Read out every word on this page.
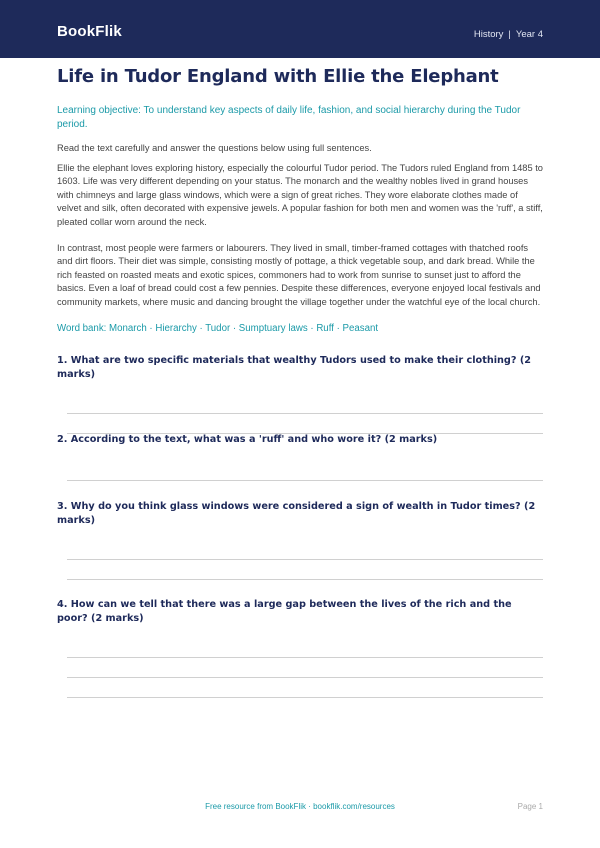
BookFlik	History | Year 4
Life in Tudor England with Ellie the Elephant
Learning objective: To understand key aspects of daily life, fashion, and social hierarchy during the Tudor period.
Read the text carefully and answer the questions below using full sentences.
Ellie the elephant loves exploring history, especially the colourful Tudor period. The Tudors ruled England from 1485 to 1603. Life was very different depending on your status. The monarch and the wealthy nobles lived in grand houses with chimneys and large glass windows, which were a sign of great riches. They wore elaborate clothes made of velvet and silk, often decorated with expensive jewels. A popular fashion for both men and women was the 'ruff', a stiff, pleated collar worn around the neck.
In contrast, most people were farmers or labourers. They lived in small, timber-framed cottages with thatched roofs and dirt floors. Their diet was simple, consisting mostly of pottage, a thick vegetable soup, and dark bread. While the rich feasted on roasted meats and exotic spices, commoners had to work from sunrise to sunset just to afford the basics. Even a loaf of bread could cost a few pennies. Despite these differences, everyone enjoyed local festivals and community markets, where music and dancing brought the village together under the watchful eye of the local church.
Word bank: Monarch · Hierarchy · Tudor · Sumptuary laws · Ruff · Peasant
1. What are two specific materials that wealthy Tudors used to make their clothing? (2 marks)
2. According to the text, what was a 'ruff' and who wore it? (2 marks)
3. Why do you think glass windows were considered a sign of wealth in Tudor times? (2 marks)
4. How can we tell that there was a large gap between the lives of the rich and the poor? (2 marks)
Free resource from BookFlik · bookflik.com/resources	Page 1
